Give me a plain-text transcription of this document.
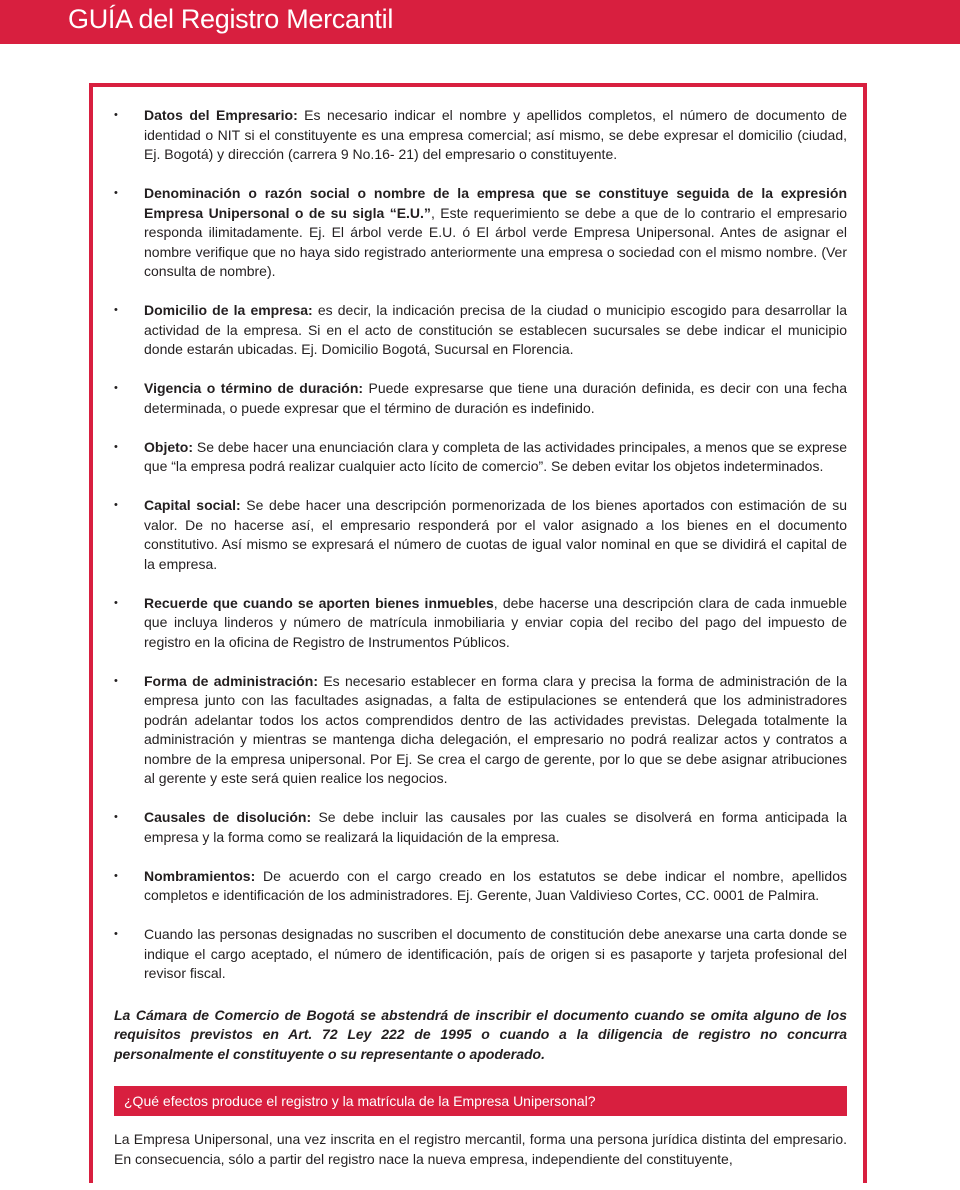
GUÍA del Registro Mercantil
• Datos del Empresario: Es necesario indicar el nombre y apellidos completos, el número de documento de identidad o NIT si el constituyente es una empresa comercial; así mismo, se debe expresar el domicilio (ciudad, Ej. Bogotá) y dirección (carrera 9 No.16- 21) del empresario o constituyente.
• Denominación o razón social o nombre de la empresa que se constituye seguida de la expresión Empresa Unipersonal o de su sigla “E.U.”, Este requerimiento se debe a que de lo contrario el empresario responda ilimitadamente. Ej. El árbol verde E.U. ó El árbol verde Empresa Unipersonal. Antes de asignar el nombre verifique que no haya sido registrado anteriormente una empresa o sociedad con el mismo nombre. (Ver consulta de nombre).
• Domicilio de la empresa: es decir, la indicación precisa de la ciudad o municipio escogido para desarrollar la actividad de la empresa. Si en el acto de constitución se establecen sucursales se debe indicar el municipio donde estarán ubicadas. Ej. Domicilio Bogotá, Sucursal en Florencia.
• Vigencia o término de duración: Puede expresarse que tiene una duración definida, es decir con una fecha determinada, o puede expresar que el término de duración es indefinido.
• Objeto: Se debe hacer una enunciación clara y completa de las actividades principales, a menos que se exprese que “la empresa podrá realizar cualquier acto lícito de comercio”. Se deben evitar los objetos indeterminados.
• Capital social: Se debe hacer una descripción pormenorizada de los bienes aportados con estimación de su valor. De no hacerse así, el empresario responderá por el valor asignado a los bienes en el documento constitutivo. Así mismo se expresará el número de cuotas de igual valor nominal en que se dividirá el capital de la empresa.
• Recuerde que cuando se aporten bienes inmuebles, debe hacerse una descripción clara de cada inmueble que incluya linderos y número de matrícula inmobiliaria y enviar copia del recibo del pago del impuesto de registro en la oficina de Registro de Instrumentos Públicos.
• Forma de administración: Es necesario establecer en forma clara y precisa la forma de administración de la empresa junto con las facultades asignadas, a falta de estipulaciones se entenderá que los administradores podrán adelantar todos los actos comprendidos dentro de las actividades previstas. Delegada totalmente la administración y mientras se mantenga dicha delegación, el empresario no podrá realizar actos y contratos a nombre de la empresa unipersonal. Por Ej. Se crea el cargo de gerente, por lo que se debe asignar atribuciones al gerente y este será quien realice los negocios.
• Causales de disolución: Se debe incluir las causales por las cuales se disolverá en forma anticipada la empresa y la forma como se realizará la liquidación de la empresa.
• Nombramientos: De acuerdo con el cargo creado en los estatutos se debe indicar el nombre, apellidos completos e identificación de los administradores. Ej. Gerente, Juan Valdivieso Cortes, CC. 0001 de Palmira.
• Cuando las personas designadas no suscriben el documento de constitución debe anexarse una carta donde se indique el cargo aceptado, el número de identificación, país de origen si es pasaporte y tarjeta profesional del revisor fiscal.
La Cámara de Comercio de Bogotá se abstendrá de inscribir el documento cuando se omita alguno de los requisitos previstos en Art. 72 Ley 222 de 1995 o cuando a la diligencia de registro no concurra personalmente el constituyente o su representante o apoderado.
¿Qué efectos produce el registro y la matrícula de la Empresa Unipersonal?
La Empresa Unipersonal, una vez inscrita en el registro mercantil, forma una persona jurídica distinta del empresario. En consecuencia, sólo a partir del registro nace la nueva empresa, independiente del constituyente,
